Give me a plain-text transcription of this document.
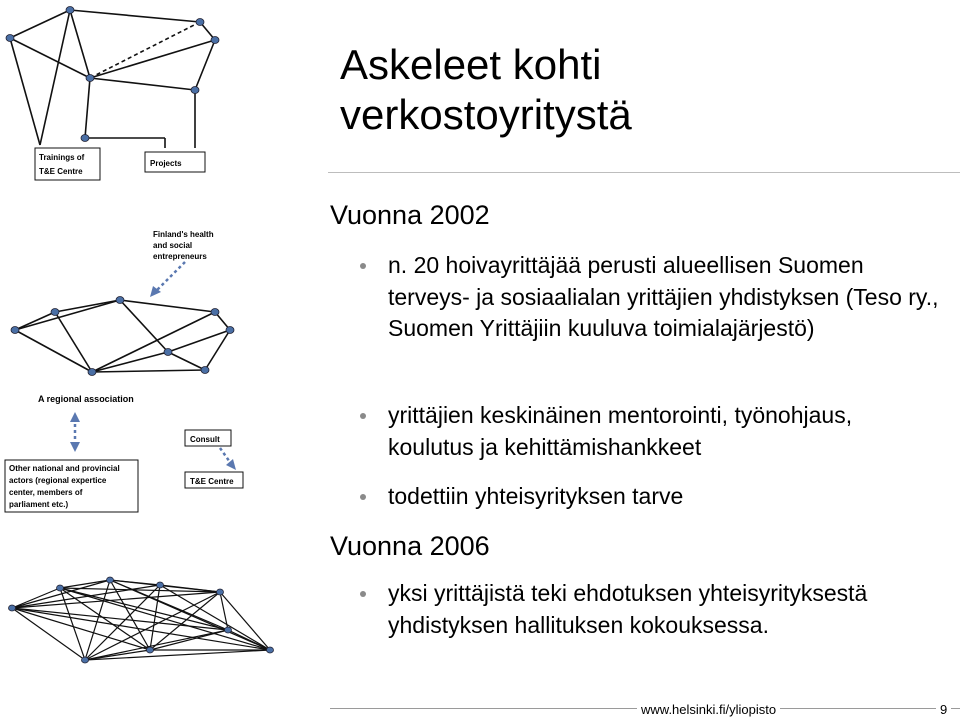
Trainings of
T&E Centre
Projects
Finland's health
and social
entrepreneurs
A regional association
Consult
Other national and provincial
actors (regional expertice
center, members of
parliament etc.)
T&E Centre
Askeleet kohti
verkostoyritystä
Vuonna 2002
n. 20 hoivayrittäjää perusti alueellisen Suomen terveys- ja sosiaalialan yrittäjien yhdistyksen (Teso ry., Suomen Yrittäjiin kuuluva toimialajärjestö)
yrittäjien keskinäinen mentorointi, työnohjaus, koulutus ja kehittämishankkeet
todettiin yhteisyrityksen tarve
Vuonna 2006
yksi yrittäjistä teki ehdotuksen yhteisyrityksestä yhdistyksen hallituksen kokouksessa.
www.helsinki.fi/yliopisto	9
